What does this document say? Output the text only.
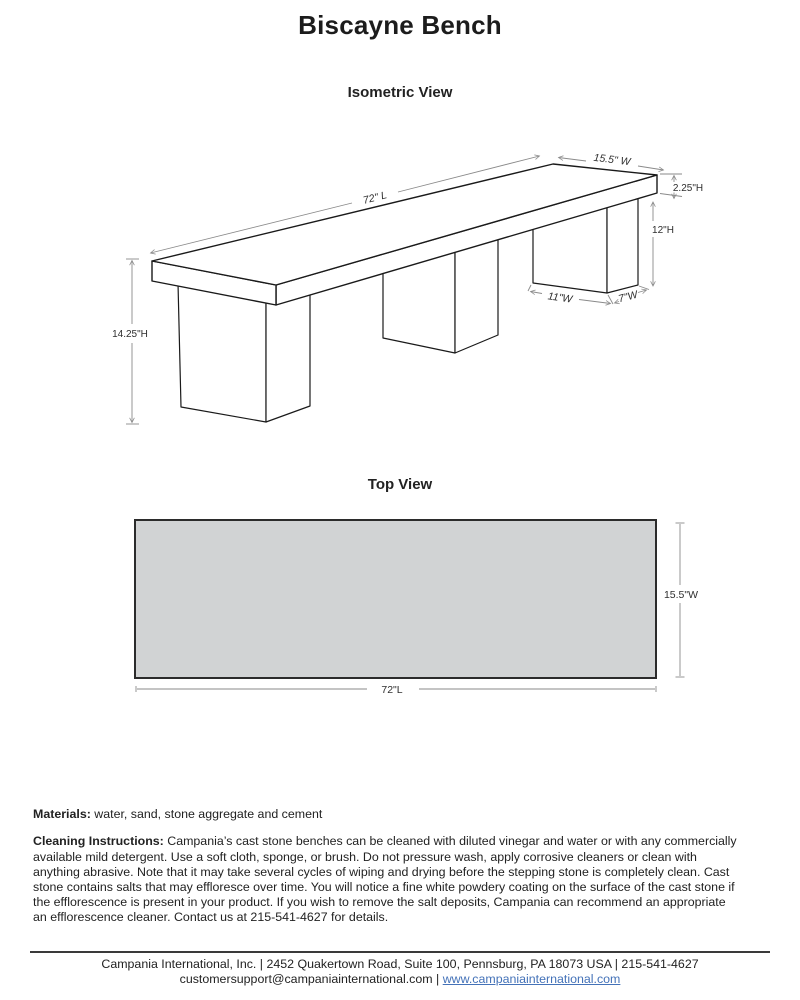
Biscayne Bench
Isometric View
72" L
15.5" W
2.25"H
12"H
14.25"H
11"W	7"W
Top View
72"L
15.5"W

Materials: water, sand, stone aggregate and cement

Cleaning Instructions: Campania’s cast stone benches can be cleaned with diluted vinegar and water or with any commercially available mild detergent. Use a soft cloth, sponge, or brush. Do not pressure wash, apply corrosive cleaners or clean with anything abrasive. Note that it may take several cycles of wiping and drying before the stepping stone is completely clean. Cast stone contains salts that may effloresce over time. You will notice a fine white powdery coating on the surface of the cast stone if the efflorescence is present in your product. If you wish to remove the salt deposits, Campania can recommend an appropriate an efflorescence cleaner. Contact us at 215-541-4627 for details.

Campania International, Inc. | 2452 Quakertown Road, Suite 100, Pennsburg, PA 18073 USA | 215-541-4627
customersupport@campaniainternational.com | www.campaniainternational.com
